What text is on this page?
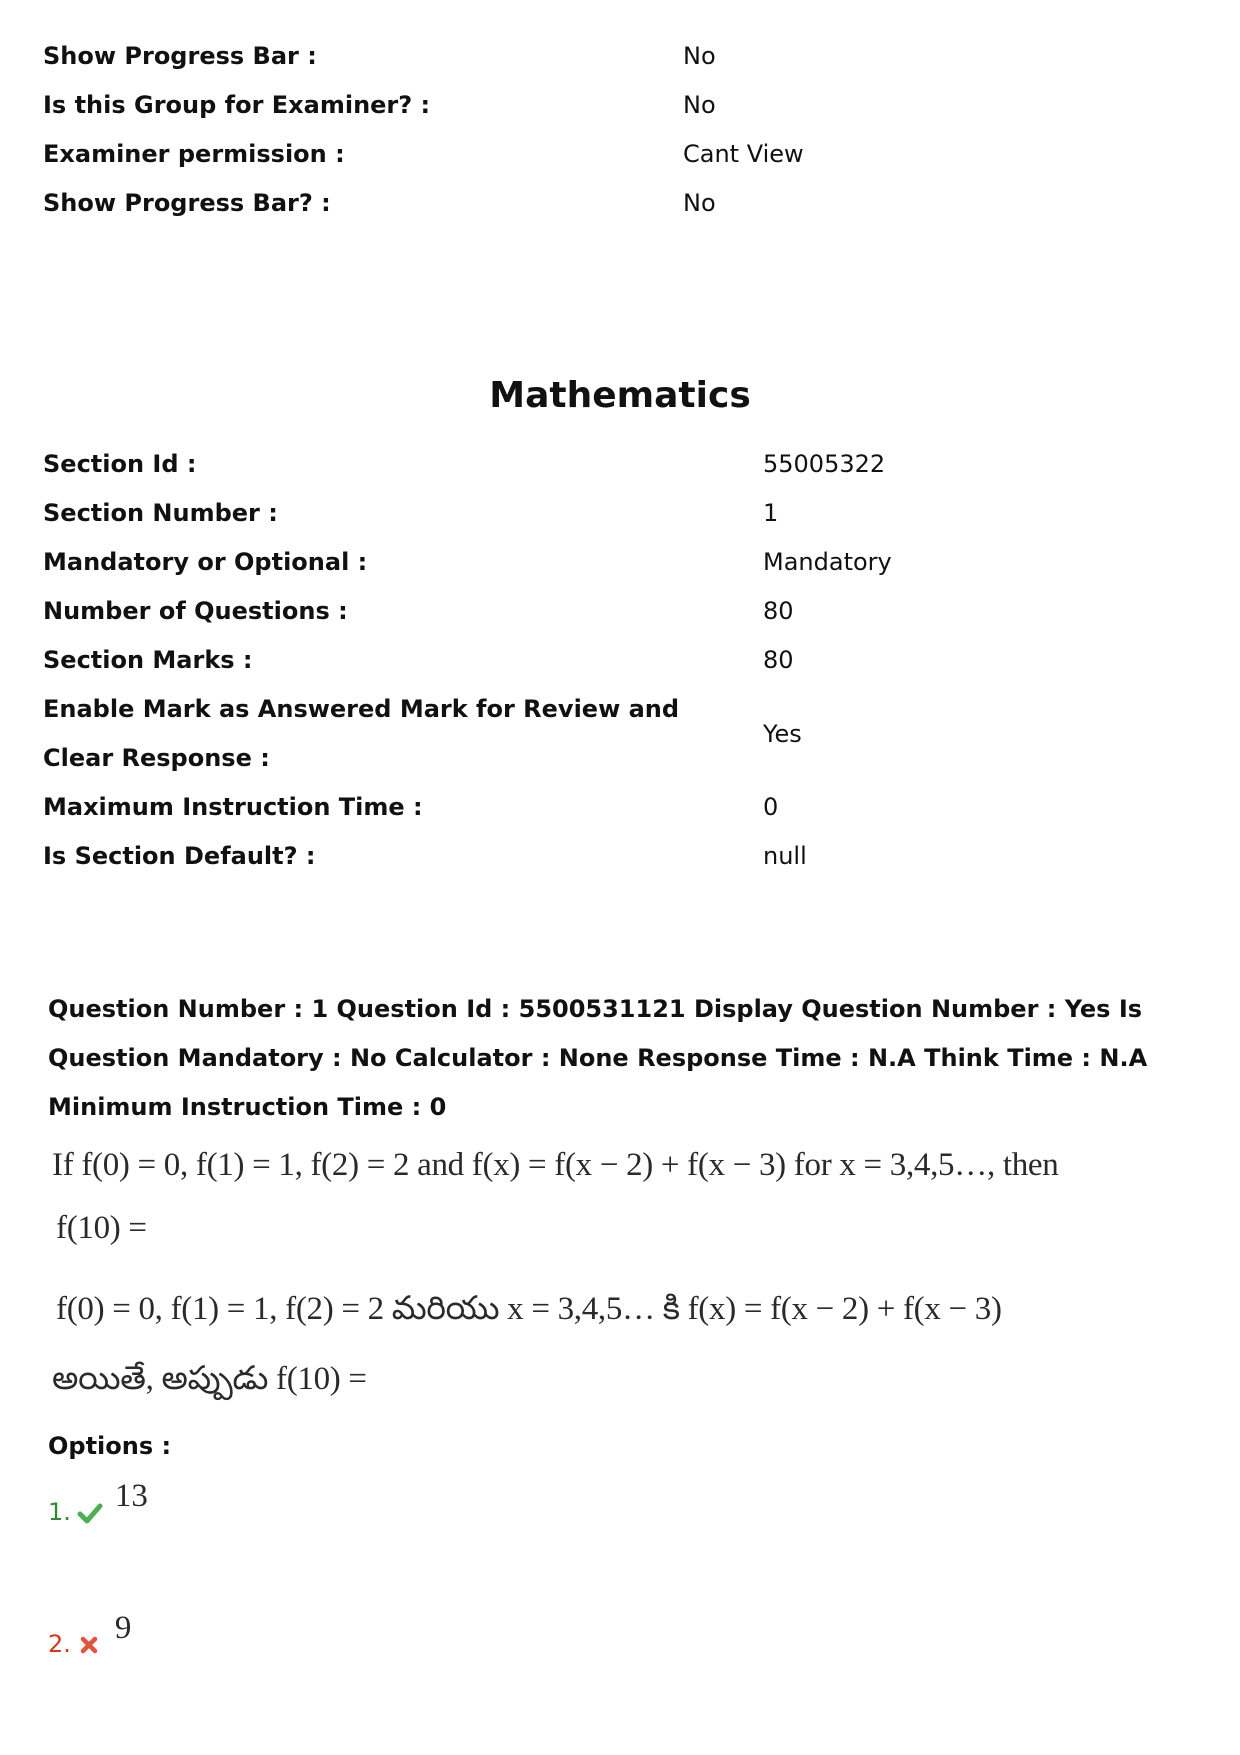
Show Progress Bar :	No
Is this Group for Examiner? :	No
Examiner permission :	Cant View
Show Progress Bar? :	No
Mathematics
Section Id :	55005322
Section Number :	1
Mandatory or Optional :	Mandatory
Number of Questions :	80
Section Marks :	80
Enable Mark as Answered Mark for Review and Clear Response :	Yes
Maximum Instruction Time :	0
Is Section Default? :	null

Question Number : 1 Question Id : 5500531121 Display Question Number : Yes Is Question Mandatory : No Calculator : None Response Time : N.A Think Time : N.A Minimum Instruction Time : 0

If f(0) = 0, f(1) = 1, f(2) = 2 and f(x) = f(x − 2) + f(x − 3) for x = 3,4,5…, then
f(10) =
f(0) = 0, f(1) = 1, f(2) = 2 మరియు x = 3,4,5… కి f(x) = f(x − 2) + f(x − 3)
అయితే, అప్పుడు f(10) =

Options :

1. 13
2. 9
